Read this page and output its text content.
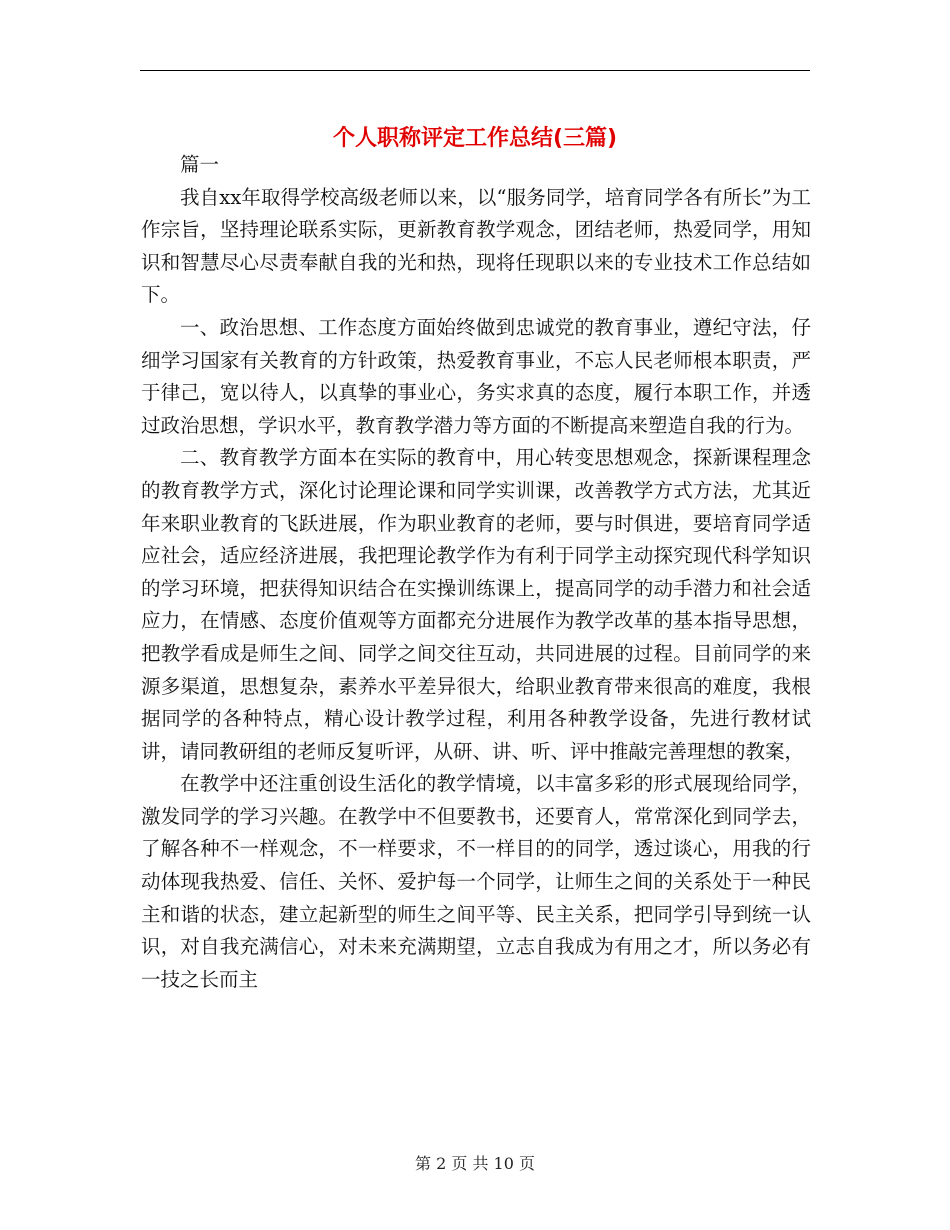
个人职称评定工作总结(三篇)

篇一

我自xx年取得学校高级老师以来，以“服务同学，培育同学各有所长”为工作宗旨，坚持理论联系实际，更新教育教学观念，团结老师，热爱同学，用知识和智慧尽心尽责奉献自我的光和热，现将任现职以来的专业技术工作总结如下。

一、政治思想、工作态度方面始终做到忠诚党的教育事业，遵纪守法，仔细学习国家有关教育的方针政策，热爱教育事业，不忘人民老师根本职责，严于律己，宽以待人，以真挚的事业心，务实求真的态度，履行本职工作，并透过政治思想，学识水平，教育教学潜力等方面的不断提高来塑造自我的行为。

二、教育教学方面本在实际的教育中，用心转变思想观念，探新课程理念的教育教学方式，深化讨论理论课和同学实训课，改善教学方式方法，尤其近年来职业教育的飞跃进展，作为职业教育的老师，要与时俱进，要培育同学适应社会，适应经济进展，我把理论教学作为有利于同学主动探究现代科学知识的学习环境，把获得知识结合在实操训练课上，提高同学的动手潜力和社会适应力，在情感、态度价值观等方面都充分进展作为教学改革的基本指导思想，把教学看成是师生之间、同学之间交往互动，共同进展的过程。目前同学的来源多渠道，思想复杂，素养水平差异很大，给职业教育带来很高的难度，我根据同学的各种特点，精心设计教学过程，利用各种教学设备，先进行教材试讲，请同教研组的老师反复听评，从研、讲、听、评中推敲完善理想的教案，

在教学中还注重创设生活化的教学情境，以丰富多彩的形式展现给同学，激发同学的学习兴趣。在教学中不但要教书，还要育人，常常深化到同学去，了解各种不一样观念，不一样要求，不一样目的的同学，透过谈心，用我的行动体现我热爱、信任、关怀、爱护每一个同学，让师生之间的关系处于一种民主和谐的状态，建立起新型的师生之间平等、民主关系，把同学引导到统一认识，对自我充满信心，对未来充满期望，立志自我成为有用之才，所以务必有一技之长而主

第 2 页 共 10 页
